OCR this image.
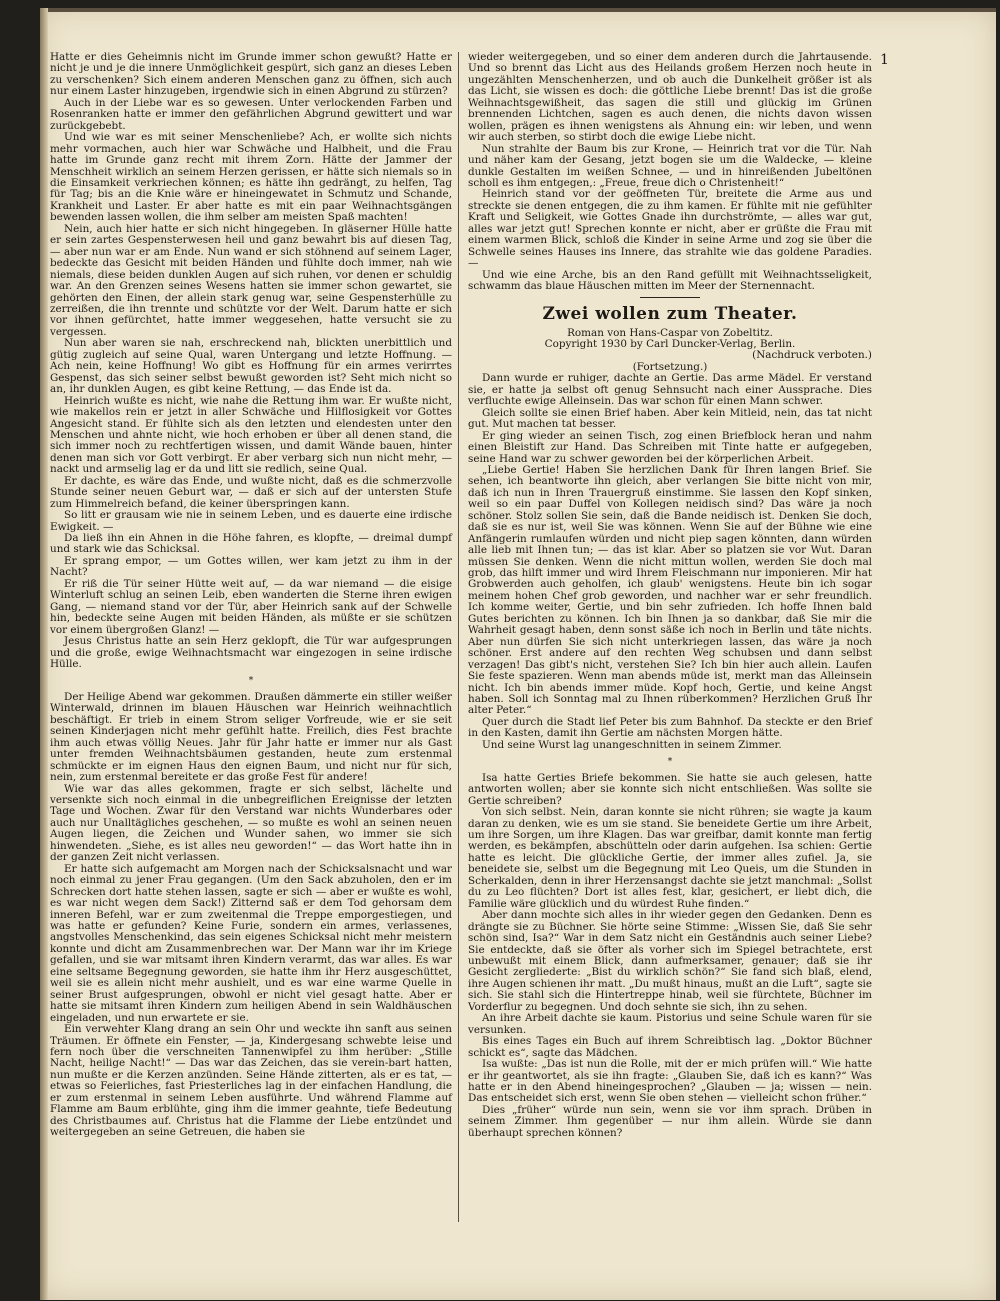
1

Hatte er dies Geheimnis nicht im Grunde immer schon gewußt? Hatte er nicht je und je die innere Unmöglichkeit gespürt, sich ganz an dieses Leben zu verschenken? Sich einem anderen Menschen ganz zu öffnen, sich auch nur einem Laster hinzugeben, irgendwie sich in einen Abgrund zu stürzen?

Auch in der Liebe war es so gewesen. Unter verlockenden Farben und Rosenranken hatte er immer den gefährlichen Abgrund gewittert und war zurückgebebt.

Und wie war es mit seiner Menschenliebe? Ach, er wollte sich nichts mehr vormachen, auch hier war Schwäche und Halbheit, und die Frau hatte im Grunde ganz recht mit ihrem Zorn. Hätte der Jammer der Menschheit wirklich an seinem Herzen gerissen, er hätte sich niemals so in die Einsamkeit verkriechen können; es hätte ihn gedrängt, zu helfen, Tag für Tag; bis an die Knie wäre er hineingewatet in Schmutz und Schande, Krankheit und Laster. Er aber hatte es mit ein paar Weihnachtsgängen bewenden lassen wollen, die ihm selber am meisten Spaß machten!

Nein, auch hier hatte er sich nicht hingegeben. In gläserner Hülle hatte er sein zartes Gespensterwesen heil und ganz bewahrt bis auf diesen Tag, — aber nun war er am Ende. Nun wand er sich stöhnend auf seinem Lager, bedeckte das Gesicht mit beiden Händen und fühlte doch immer, nah wie niemals, diese beiden dunklen Augen auf sich ruhen, vor denen er schuldig war. An den Grenzen seines Wesens hatten sie immer schon gewartet, sie gehörten den Einen, der allein stark genug war, seine Gespensterhülle zu zerreißen, die ihn trennte und schützte vor der Welt. Darum hatte er sich vor ihnen gefürchtet, hatte immer weggesehen, hatte versucht sie zu vergessen.

Nun aber waren sie nah, erschreckend nah, blickten unerbittlich und gütig zugleich auf seine Qual, waren Untergang und letzte Hoffnung. — Ach nein, keine Hoffnung! Wo gibt es Hoffnung für ein armes verirrtes Gespenst, das sich seiner selbst bewußt geworden ist? Seht mich nicht so an, ihr dunklen Augen, es gibt keine Rettung, — das Ende ist da.

Heinrich wußte es nicht, wie nahe die Rettung ihm war. Er wußte nicht, wie makellos rein er jetzt in aller Schwäche und Hilflosigkeit vor Gottes Angesicht stand. Er fühlte sich als den letzten und elendesten unter den Menschen und ahnte nicht, wie hoch erhoben er über all denen stand, die sich immer noch zu rechtfertigen wissen, und damit Wände bauen, hinter denen man sich vor Gott verbirgt. Er aber verbarg sich nun nicht mehr, — nackt und armselig lag er da und litt sie redlich, seine Qual.

Er dachte, es wäre das Ende, und wußte nicht, daß es die schmerzvolle Stunde seiner neuen Geburt war, — daß er sich auf der untersten Stufe zum Himmelreich befand, die keiner überspringen kann.

So litt er grausam wie nie in seinem Leben, und es dauerte eine irdische Ewigkeit. —

Da ließ ihn ein Ahnen in die Höhe fahren, es klopfte, — dreimal dumpf und stark wie das Schicksal.

Er sprang empor, — um Gottes willen, wer kam jetzt zu ihm in der Nacht?

Er riß die Tür seiner Hütte weit auf, — da war niemand — die eisige Winterluft schlug an seinen Leib, eben wanderten die Sterne ihren ewigen Gang, — niemand stand vor der Tür, aber Heinrich sank auf der Schwelle hin, bedeckte seine Augen mit beiden Händen, als müßte er sie schützen vor einem übergroßen Glanz! —

Jesus Christus hatte an sein Herz geklopft, die Tür war aufgesprungen und die große, ewige Weihnachtsmacht war eingezogen in seine irdische Hülle.

*

Der Heilige Abend war gekommen. Draußen dämmerte ein stiller weißer Winterwald, drinnen im blauen Häuschen war Heinrich weihnachtlich beschäftigt. Er trieb in einem Strom seliger Vorfreude, wie er sie seit seinen Kinderjagen nicht mehr gefühlt hatte. Freilich, dies Fest brachte ihm auch etwas völlig Neues. Jahr für Jahr hatte er immer nur als Gast unter fremden Weihnachtsbäumen gestanden, heute zum erstenmal schmückte er im eignen Haus den eignen Baum, und nicht nur für sich, nein, zum erstenmal bereitete er das große Fest für andere!

Wie war das alles gekommen, fragte er sich selbst, lächelte und versenkte sich noch einmal in die unbegreiflichen Ereignisse der letzten Tage und Wochen. Zwar für den Verstand war nichts Wunderbares oder auch nur Unalltägliches geschehen, — so mußte es wohl an seinen neuen Augen liegen, die Zeichen und Wunder sahen, wo immer sie sich hinwendeten. „Siehe, es ist alles neu geworden!“ — das Wort hatte ihn in der ganzen Zeit nicht verlassen.

Er hatte sich aufgemacht am Morgen nach der Schicksalsnacht und war noch einmal zu jener Frau gegangen. (Um den Sack abzuholen, den er im Schrecken dort hatte stehen lassen, sagte er sich — aber er wußte es wohl, es war nicht wegen dem Sack!) Zitternd saß er dem Tod gehorsam dem inneren Befehl, war er zum zweitenmal die Treppe emporgestiegen, und was hatte er gefunden? Keine Furie, sondern ein armes, verlassenes, angstvolles Menschenkind, das sein eigenes Schicksal nicht mehr meistern konnte und dicht am Zusammenbrechen war. Der Mann war ihr im Kriege gefallen, und sie war mitsamt ihren Kindern verarmt, das war alles. Es war eine seltsame Begegnung geworden, sie hatte ihm ihr Herz ausgeschüttet, weil sie es allein nicht mehr aushielt, und es war eine warme Quelle in seiner Brust aufgesprungen, obwohl er nicht viel gesagt hatte. Aber er hatte sie mitsamt ihren Kindern zum heiligen Abend in sein Waldhäuschen eingeladen, und nun erwartete er sie.

Ein verwehter Klang drang an sein Ohr und weckte ihn sanft aus seinen Träumen. Er öffnete ein Fenster, — ja, Kindergesang schwebte leise und fern noch über die verschneiten Tannenwipfel zu ihm herüber: „Stille Nacht, heilige Nacht!“ — Das war das Zeichen, das sie verein-bart hatten, nun mußte er die Kerzen anzünden. Seine Hände zitterten, als er es tat, — etwas so Feierliches, fast Priesterliches lag in der einfachen Handlung, die er zum erstenmal in seinem Leben ausführte. Und während Flamme auf Flamme am Baum erblühte, ging ihm die immer geahnte, tiefe Bedeutung des Christbaumes auf. Christus hat die Flamme der Liebe entzündet und weitergegeben an seine Getreuen, die haben sie

wieder weitergegeben, und so einer dem anderen durch die Jahrtausende. Und so brennt das Licht aus des Heilands großem Herzen noch heute in ungezählten Menschenherzen, und ob auch die Dunkelheit größer ist als das Licht, sie wissen es doch: die göttliche Liebe brennt! Das ist die große Weihnachtsgewißheit, das sagen die still und glückig im Grünen brennenden Lichtchen, sagen es auch denen, die nichts davon wissen wollen, prägen es ihnen wenigstens als Ahnung ein: wir leben, und wenn wir auch sterben, so stirbt doch die ewige Liebe nicht.

Nun strahlte der Baum bis zur Krone, — Heinrich trat vor die Tür. Nah und näher kam der Gesang, jetzt bogen sie um die Waldecke, — kleine dunkle Gestalten im weißen Schnee, — und in hinreißenden Jubeltönen scholl es ihm entgegen,: „Freue, freue dich o Christenheit!“

Heinrich stand vor der geöffneten Tür, breitete die Arme aus und streckte sie denen entgegen, die zu ihm kamen. Er fühlte mit nie gefühlter Kraft und Seligkeit, wie Gottes Gnade ihn durchströmte, — alles war gut, alles war jetzt gut! Sprechen konnte er nicht, aber er grüßte die Frau mit einem warmen Blick, schloß die Kinder in seine Arme und zog sie über die Schwelle seines Hauses ins Innere, das strahlte wie das goldene Paradies. —

Und wie eine Arche, bis an den Rand gefüllt mit Weihnachtsseligkeit, schwamm das blaue Häuschen mitten im Meer der Sternennacht.

Zwei wollen zum Theater.

Roman von Hans-Caspar von Zobeltitz.

Copyright 1930 by Carl Duncker-Verlag, Berlin.

(Nachdruck verboten.)

(Fortsetzung.)

Dann wurde er ruhiger, dachte an Gertie. Das arme Mädel. Er verstand sie, er hatte ja selbst oft genug Sehnsucht nach einer Aussprache. Dies verfluchte ewige Alleinsein. Das war schon für einen Mann schwer.

Gleich sollte sie einen Brief haben. Aber kein Mitleid, nein, das tat nicht gut. Mut machen tat besser.

Er ging wieder an seinen Tisch, zog einen Briefblock heran und nahm einen Bleistift zur Hand. Das Schreiben mit Tinte hatte er aufgegeben, seine Hand war zu schwer geworden bei der körperlichen Arbeit.

„Liebe Gertie! Haben Sie herzlichen Dank für Ihren langen Brief. Sie sehen, ich beantworte ihn gleich, aber verlangen Sie bitte nicht von mir, daß ich nun in Ihren Trauergruß einstimme. Sie lassen den Kopf sinken, weil so ein paar Duffel von Kollegen neidisch sind? Das wäre ja noch schöner. Stolz sollen Sie sein, daß die Bande neidisch ist. Denken Sie doch, daß sie es nur ist, weil Sie was können. Wenn Sie auf der Bühne wie eine Anfängerin rumlaufen würden und nicht piep sagen könnten, dann würden alle lieb mit Ihnen tun; — das ist klar. Aber so platzen sie vor Wut. Daran müssen Sie denken. Wenn die nicht mittun wollen, werden Sie doch mal grob, das hilft immer und wird Ihrem Fleischmann nur imponieren. Mir hat Grobwerden auch geholfen, ich glaub' wenigstens. Heute bin ich sogar meinem hohen Chef grob geworden, und nachher war er sehr freundlich. Ich komme weiter, Gertie, und bin sehr zufrieden. Ich hoffe Ihnen bald Gutes berichten zu können. Ich bin Ihnen ja so dankbar, daß Sie mir die Wahrheit gesagt haben, denn sonst säße ich noch in Berlin und täte nichts. Aber nun dürfen Sie sich nicht unterkriegen lassen, das wäre ja noch schöner. Erst andere auf den rechten Weg schubsen und dann selbst verzagen! Das gibt's nicht, verstehen Sie? Ich bin hier auch allein. Laufen Sie feste spazieren. Wenn man abends müde ist, merkt man das Alleinsein nicht. Ich bin abends immer müde. Kopf hoch, Gertie, und keine Angst haben. Soll ich Sonntag mal zu Ihnen rüberkommen? Herzlichen Gruß Ihr alter Peter.“

Quer durch die Stadt lief Peter bis zum Bahnhof. Da steckte er den Brief in den Kasten, damit ihn Gertie am nächsten Morgen hätte.

Und seine Wurst lag unangeschnitten in seinem Zimmer.

*

Isa hatte Gerties Briefe bekommen. Sie hatte sie auch gelesen, hatte antworten wollen; aber sie konnte sich nicht entschließen. Was sollte sie Gertie schreiben?

Von sich selbst. Nein, daran konnte sie nicht rühren; sie wagte ja kaum daran zu denken, wie es um sie stand. Sie beneidete Gertie um ihre Arbeit, um ihre Sorgen, um ihre Klagen. Das war greifbar, damit konnte man fertig werden, es bekämpfen, abschütteln oder darin aufgehen. Isa schien: Gertie hatte es leicht. Die glückliche Gertie, der immer alles zufiel. Ja, sie beneidete sie, selbst um die Begegnung mit Leo Queis, um die Stunden in Scherkalden, denn in ihrer Herzensangst dachte sie jetzt manchmal: „Sollst du zu Leo flüchten? Dort ist alles fest, klar, gesichert, er liebt dich, die Familie wäre glücklich und du würdest Ruhe finden.“

Aber dann mochte sich alles in ihr wieder gegen den Gedanken. Denn es drängte sie zu Büchner. Sie hörte seine Stimme: „Wissen Sie, daß Sie sehr schön sind, Isa?“ War in dem Satz nicht ein Geständnis auch seiner Liebe? Sie entdeckte, daß sie öfter als vorher sich im Spiegel betrachtete, erst unbewußt mit einem Blick, dann aufmerksamer, genauer; daß sie ihr Gesicht zergliederte: „Bist du wirklich schön?“ Sie fand sich blaß, elend, ihre Augen schienen ihr matt. „Du mußt hinaus, mußt an die Luft“, sagte sie sich. Sie stahl sich die Hintertreppe hinab, weil sie fürchtete, Büchner im Vorderflur zu begegnen. Und doch sehnte sie sich, ihn zu sehen.

An ihre Arbeit dachte sie kaum. Pistorius und seine Schule waren für sie versunken.

Bis eines Tages ein Buch auf ihrem Schreibtisch lag. „Doktor Büchner schickt es“, sagte das Mädchen.

Isa wußte: „Das ist nun die Rolle, mit der er mich prüfen will.“ Wie hatte er ihr geantwortet, als sie ihn fragte: „Glauben Sie, daß ich es kann?“ Was hatte er in den Abend hineingesprochen? „Glauben — ja; wissen — nein. Das entscheidet sich erst, wenn Sie oben stehen — vielleicht schon früher.“

Dies „früher“ würde nun sein, wenn sie vor ihm sprach. Drüben in seinem Zimmer. Ihm gegenüber — nur ihm allein. Würde sie dann überhaupt sprechen können?
